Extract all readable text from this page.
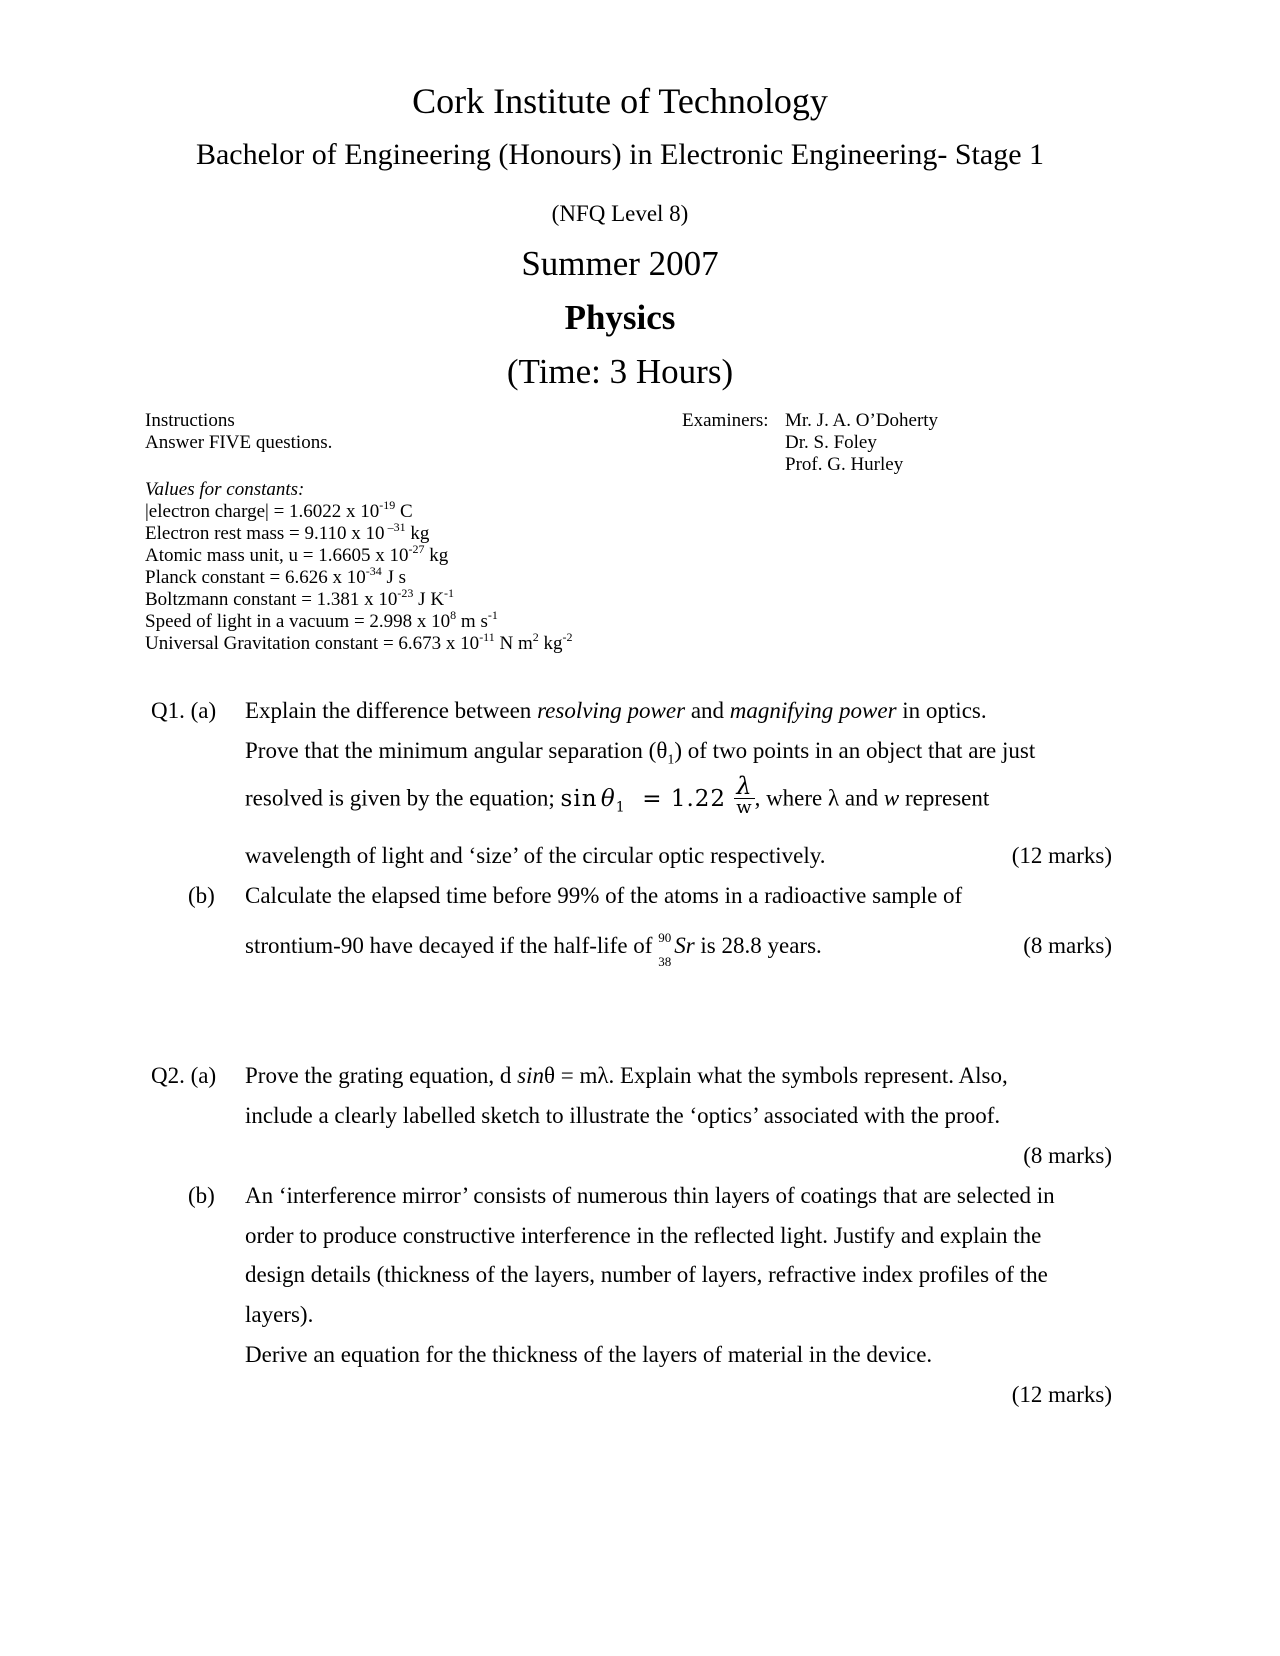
Cork Institute of Technology
Bachelor of Engineering (Honours) in Electronic Engineering- Stage 1
(NFQ Level 8)
Summer 2007
Physics
(Time: 3 Hours)
Instructions
Answer FIVE questions.
Examiners: Mr. J. A. O’Doherty
Dr. S. Foley
Prof. G. Hurley
Values for constants:
|electron charge| = 1.6022 x $10^{-19}$ C
Electron rest mass = 9.110 x 10 $^{-31}$ kg
Atomic mass unit, u = 1.6605 x $10^{-27}$ kg
Planck constant = 6.626 x $10^{-34}$ J s
Boltzmann constant = 1.381 x $10^{-23}$ J $K^{-1}$
Speed of light in a vacuum = 2.998 x $10^8$ m $s^{-1}$
Universal Gravitation constant = 6.673 x $10^{-11}$ N $m^2$ $kg^{-2}$
Q1. (a) Explain the difference between resolving power and magnifying power in optics.
Prove that the minimum angular separation $(\theta_1)$ of two points in an object that are just
resolved is given by the equation; sin  $\theta_1 = 1.22 \frac{\lambda}{w}$ , where λ and w represent
wavelength of light and ‘size’ of the circular optic respectively.	(12 marks)
(b) Calculate the elapsed time before 99% of the atoms in a radioactive sample of
strontium-90 have decayed if the half-life of 90
38
Sr is 28.8 years.	(8 marks)
Q2. (a) Prove the grating equation, d sinθ = mλ. Explain what the symbols represent. Also,
include a clearly labelled sketch to illustrate the ‘optics’ associated with the proof.
(8 marks)
(b) An ‘interference mirror’ consists of numerous thin layers of coatings that are selected in
order to produce constructive interference in the reflected light. Justify and explain the
design details (thickness of the layers, number of layers, refractive index profiles of the
layers).
Derive an equation for the thickness of the layers of material in the device.
(12 marks)
